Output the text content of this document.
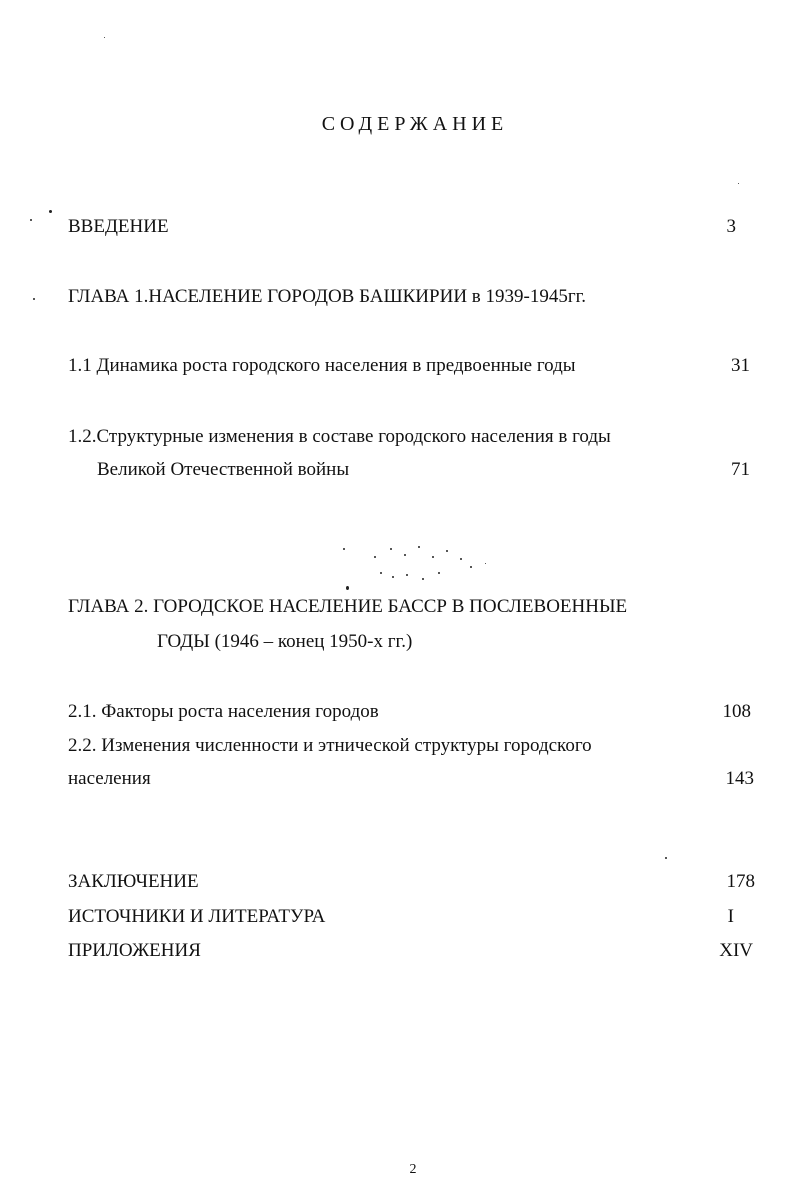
СОДЕРЖАНИЕ
ВВЕДЕНИЕ	3
ГЛАВА 1.НАСЕЛЕНИЕ ГОРОДОВ БАШКИРИИ в 1939-1945гг.
1.1 Динамика роста городского населения в предвоенные годы	31
1.2.Структурные изменения в составе городского населения в годы
Великой Отечественной войны	71
ГЛАВА 2. ГОРОДСКОЕ НАСЕЛЕНИЕ БАССР В ПОСЛЕВОЕННЫЕ
ГОДЫ (1946 – конец 1950-х гг.)
2.1. Факторы роста населения городов	108
2.2. Изменения численности и этнической структуры городского
населения	143
ЗАКЛЮЧЕНИЕ	178
ИСТОЧНИКИ И ЛИТЕРАТУРА	I
ПРИЛОЖЕНИЯ	XIV
2
